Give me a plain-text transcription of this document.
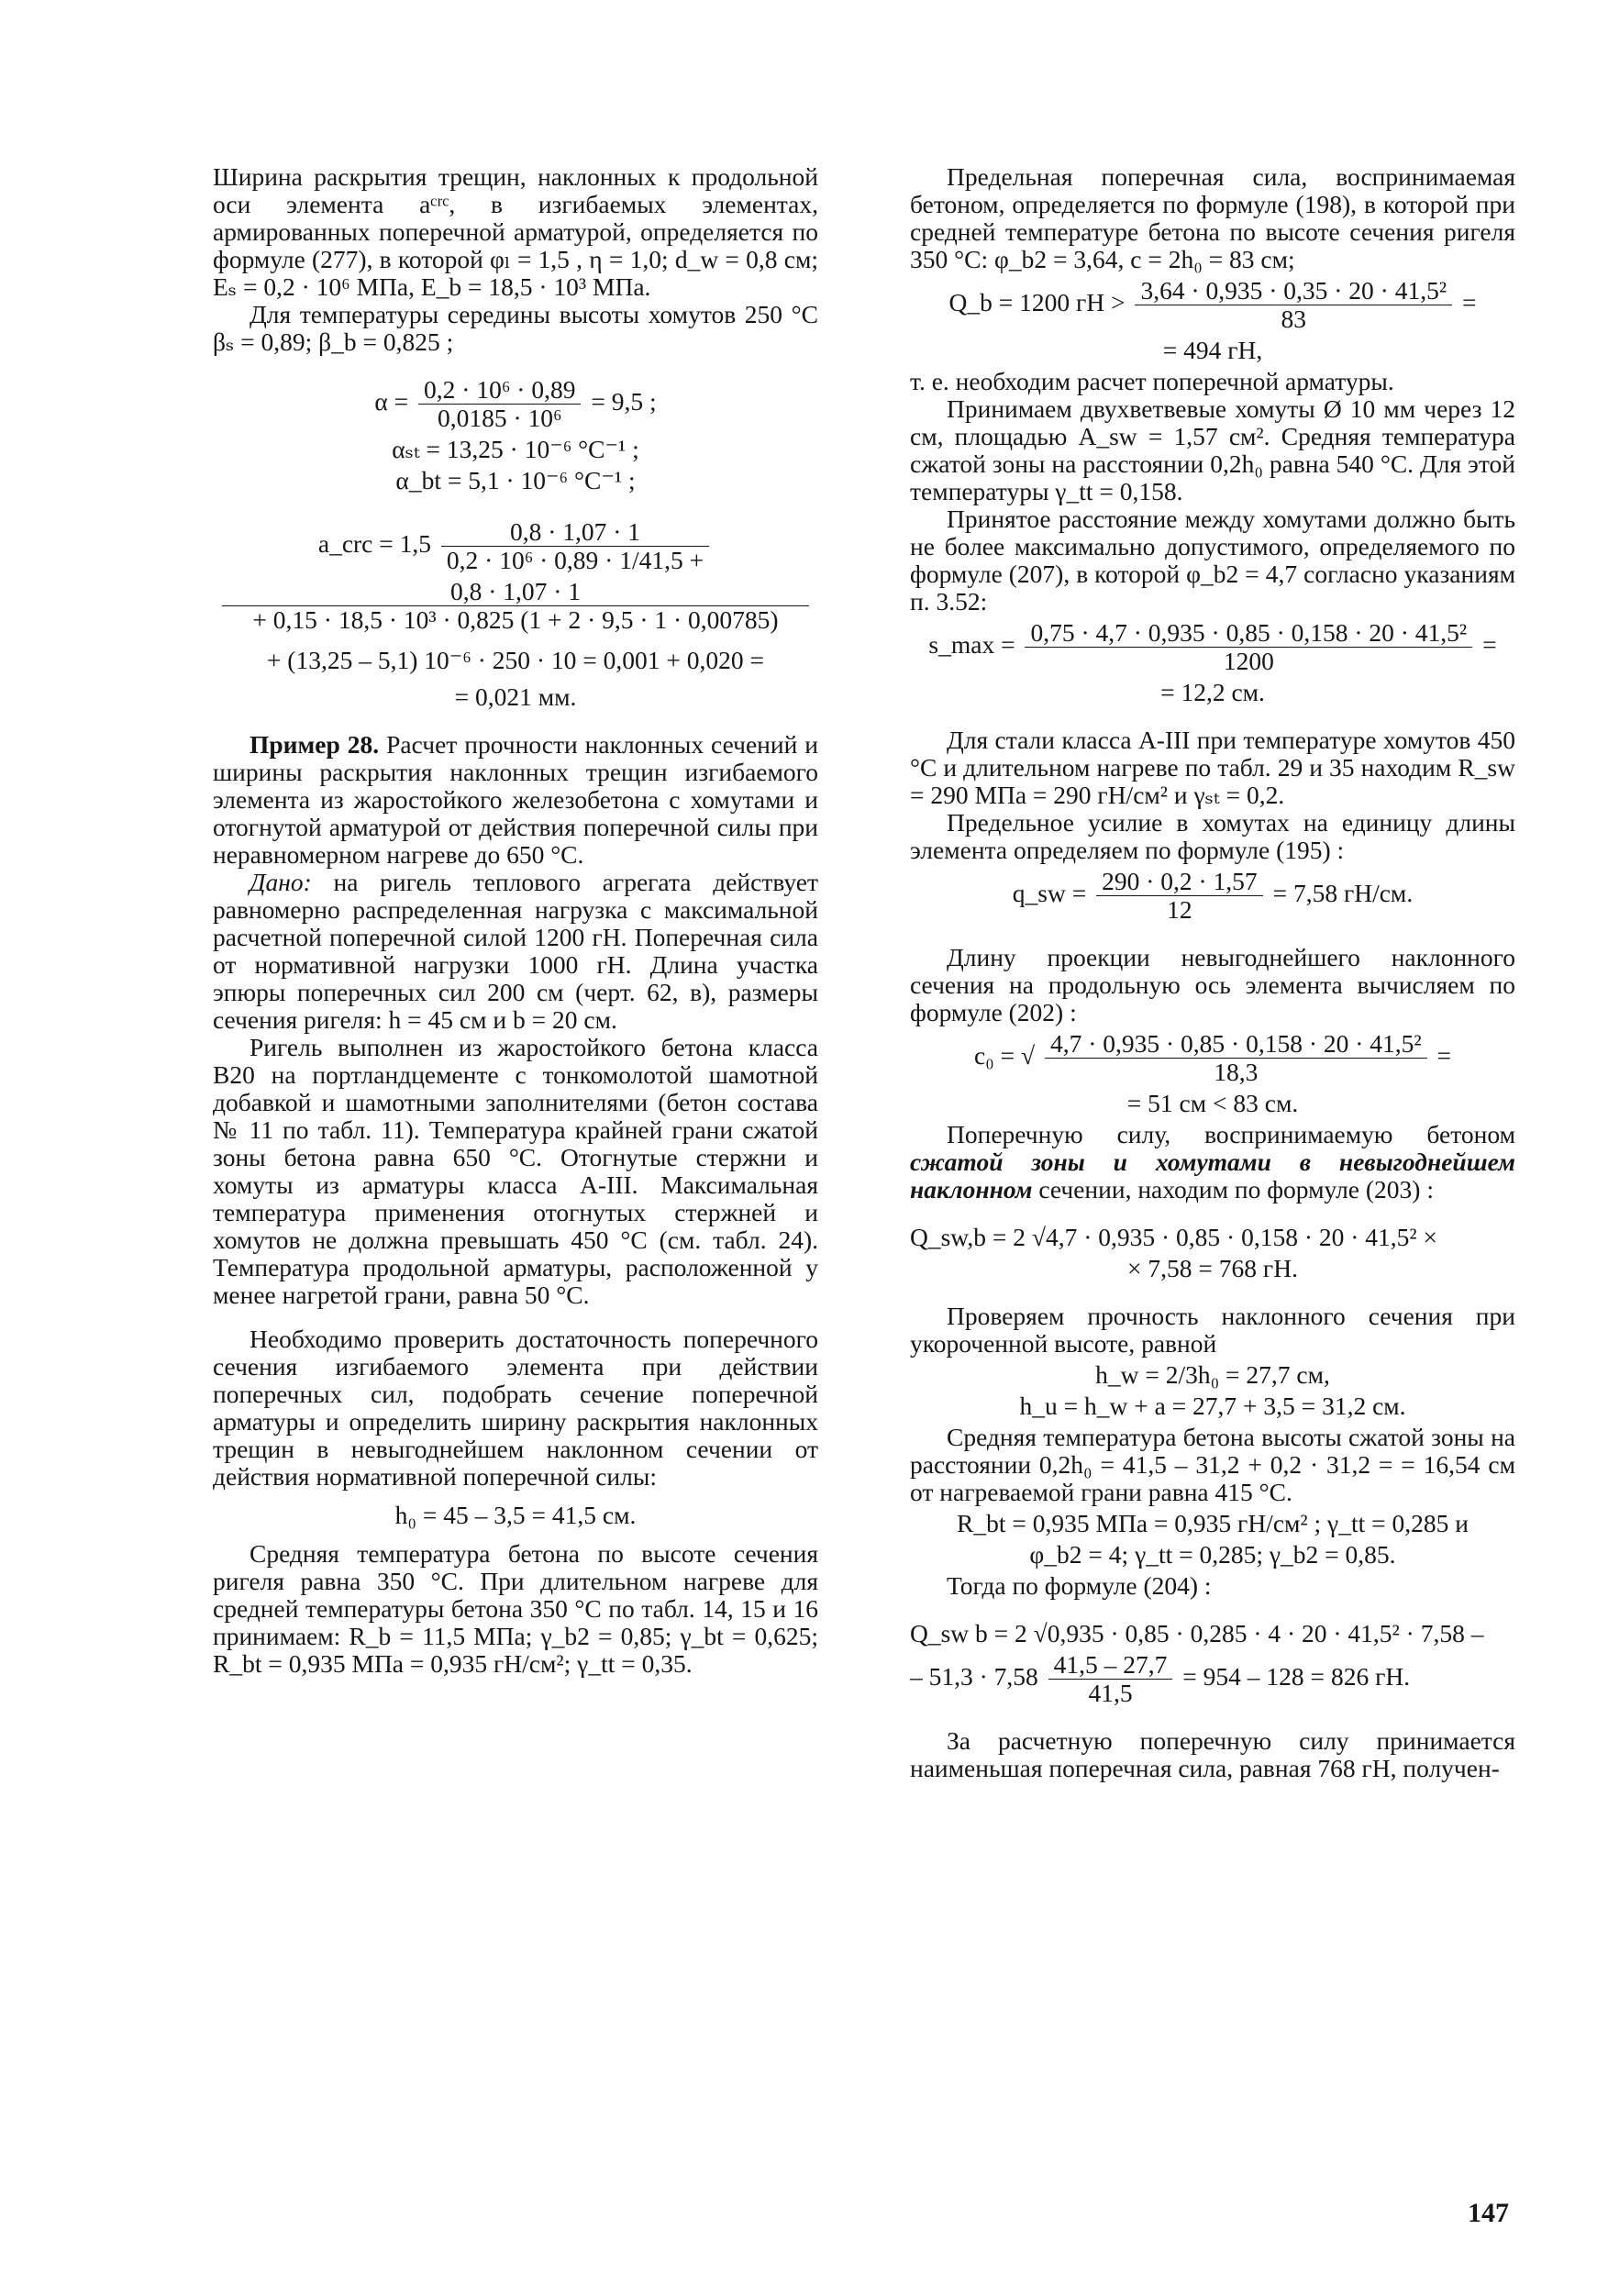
Ширина раскрытия трещин, наклонных к продольной оси элемента aᶜʳᶜ, в изгибаемых элементах, армированных поперечной арматурой, определяется по формуле (277), в которой φₗ = 1,5 , η = 1,0; d_w = 0,8 см; Eₛ = 0,2 · 10⁶ МПа, E_b = 18,5 · 10³ МПа.

Для температуры середины высоты хомутов 250 °C βₛ = 0,89; β_b = 0,825 ;

$\alpha = \frac{\text{0,2 · 10⁶ · 0,89}}{\text{0,0185 · 10⁶}} = 9,5$ ;
αₛₜ = 13,25 · 10⁻⁶ °C⁻¹ ;
α_bt = 5,1 · 10⁻⁶ °C⁻¹ ;
a_crc = $1,5 \frac{0,8 \cdot 1,07 \cdot 1}{\text{0,2 · 10⁶ · 0,89 · 1/41,5 +}}$
$\frac{0,8 \cdot 1,07 \cdot 1}{\text{+ 0,15 · 18,5 · 10³ · 0,825 (1 + 2 · 9,5 · 1 · 0,00785)}}$
+ (13,25 – 5,1) 10⁻⁶ · 250 · 10 = 0,001 + 0,020 =
= 0,021 мм.

Пример 28. Расчет прочности наклонных сечений и ширины раскрытия наклонных трещин изгибаемого элемента из жаростойкого железобетона с хомутами и отогнутой арматурой от действия поперечной силы при неравномерном нагреве до 650 °C.

Дано: на ригель теплового агрегата действует равномерно распределенная нагрузка с максимальной расчетной поперечной силой 1200 гН. Поперечная сила от нормативной нагрузки 1000 гН. Длина участка эпюры поперечных сил 200 см (черт. 62, в), размеры сечения ригеля: h = 45 см и b = 20 см.

Ригель выполнен из жаростойкого бетона класса В20 на портландцементе с тонкомолотой шамотной добавкой и шамотными заполнителями (бетон состава № 11 по табл. 11). Температура крайней грани сжатой зоны бетона равна 650 °C. Отогнутые стержни и хомуты из арматуры класса А-III. Максимальная температура применения отогнутых стержней и хомутов не должна превышать 450 °C (см. табл. 24). Температура продольной арматуры, расположенной у менее нагретой грани, равна 50 °C.

Необходимо проверить достаточность поперечного сечения изгибаемого элемента при действии поперечных сил, подобрать сечение поперечной арматуры и определить ширину раскрытия наклонных трещин в невыгоднейшем наклонном сечении от действия нормативной поперечной силы:

h₀ = 45 – 3,5 = 41,5 см.

Средняя температура бетона по высоте сечения ригеля равна 350 °C. При длительном нагреве для средней температуры бетона 350 °C по табл. 14, 15 и 16 принимаем: R_b = 11,5 МПа; γ_b2 = 0,85; γ_bt = 0,625; R_bt = 0,935 МПа = 0,935 гН/см²; γ_tt = 0,35.

Предельная поперечная сила, воспринимаемая бетоном, определяется по формуле (198), в которой при средней температуре бетона по высоте сечения ригеля 350 °C: φ_b2 = 3,64, c = 2h₀ = 83 см;

Q_b = 1200 гН > $\frac{\text{3,64 · 0,935 · 0,35 · 20 · 41,5²}}{83}$ =
= 494 гН,

т. е. необходим расчет поперечной арматуры.

Принимаем двухветвевые хомуты Ø 10 мм через 12 см, площадью A_sw = 1,57 см². Средняя температура сжатой зоны на расстоянии 0,2h₀ равна 540 °C. Для этой температуры γ_tt = 0,158.

Принятое расстояние между хомутами должно быть не более максимально допустимого, определяемого по формуле (207), в которой φ_b2 = 4,7 согласно указаниям п. 3.52:

s_max = $\frac{\text{0,75 · 4,7 · 0,935 · 0,85 · 0,158 · 20 · 41,5²}}{1200}$ =
= 12,2 см.

Для стали класса А-III при температуре хомутов 450 °C и длительном нагреве по табл. 29 и 35 находим R_sw = 290 МПа = 290 гН/см² и γₛₜ = 0,2.

Предельное усилие в хомутах на единицу длины элемента определяем по формуле (195) :

q_sw = $\frac{290 \cdot 0,2 \cdot 1,57}{12} = 7,58$ гН/см.

Длину проекции невыгоднейшего наклонного сечения на продольную ось элемента вычисляем по формуле (202) :

c₀ = √ $\frac{\text{4,7 · 0,935 · 0,85 · 0,158 · 20 · 41,5²}}{18,3}$ =
= 51 см < 83 см.

Поперечную силу, воспринимаемую бетоном сжатой зоны и хомутами в невыгоднейшем наклонном сечении, находим по формуле (203) :

Q_sw,b = 2 √4,7 · 0,935 · 0,85 · 0,158 · 20 · 41,5² ×
× 7,58 = 768 гН.

Проверяем прочность наклонного сечения при укороченной высоте, равной

h_w = 2/3h₀ = 27,7 см,
h_u = h_w + a = 27,7 + 3,5 = 31,2 см.

Средняя температура бетона высоты сжатой зоны на расстоянии 0,2h₀ = 41,5 – 31,2 + 0,2 · 31,2 = = 16,54 см от нагреваемой грани равна 415 °C.

R_bt = 0,935 МПа = 0,935 гН/см² ; γ_tt = 0,285 и
φ_b2 = 4; γ_tt = 0,285; γ_b2 = 0,85.

Тогда по формуле (204) :

Q_sw b = 2 √0,935 · 0,85 · 0,285 · 4 · 20 · 41,5² · 7,58 –
– $51,3 \cdot 7,58 \frac{41,5 - 27,7}{41,5} = 954 - 128 = 826$ гН.

За расчетную поперечную силу принимается наименьшая поперечная сила, равная 768 гН, получен-

147
